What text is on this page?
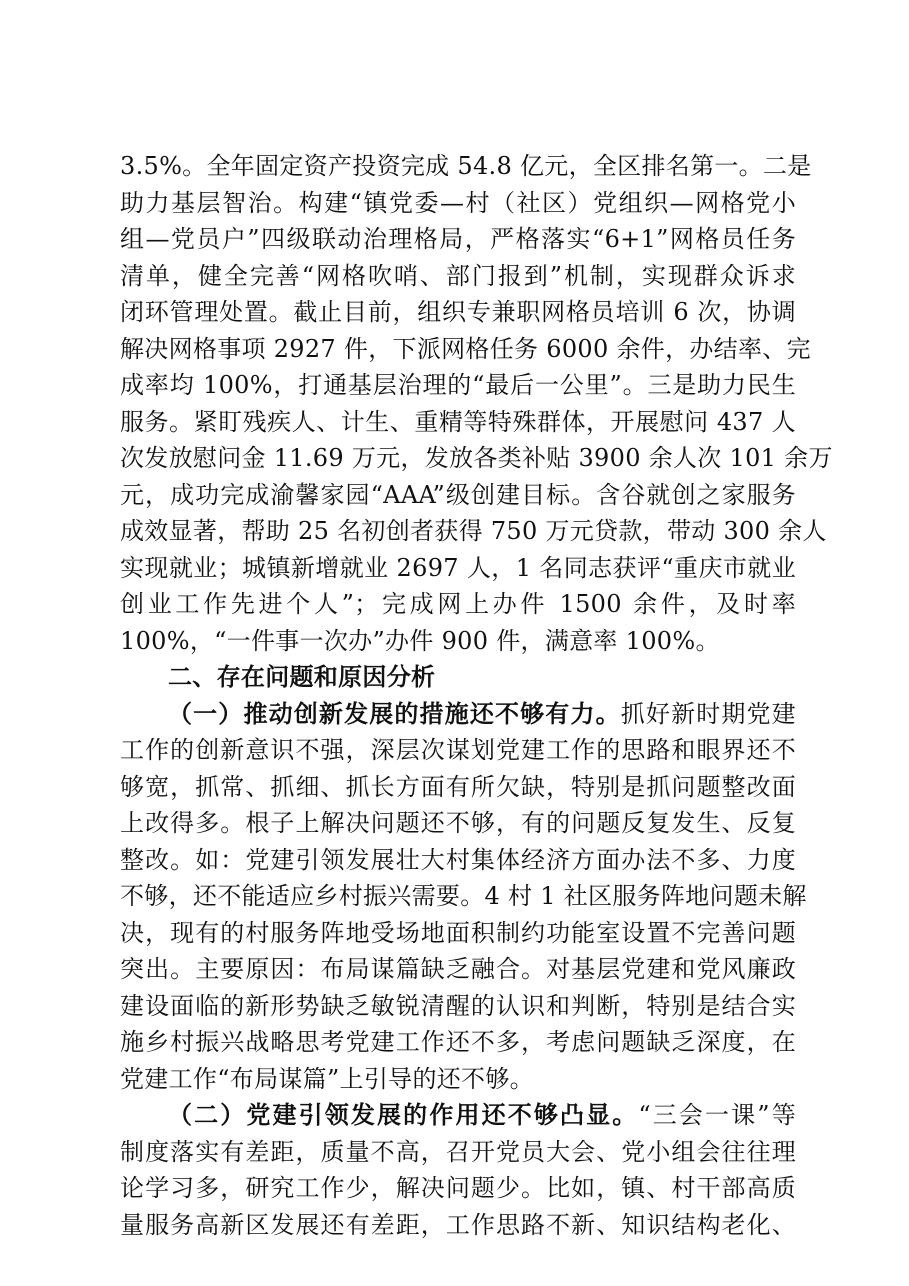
3.5%。全年固定资产投资完成 54.8 亿元，全区排名第一。二是
助力基层智治。构建“镇党委—村（社区）党组织—网格党小
组—党员户”四级联动治理格局，严格落实“6+1”网格员任务
清单，健全完善“网格吹哨、部门报到”机制，实现群众诉求
闭环管理处置。截止目前，组织专兼职网格员培训 6 次，协调
解决网格事项 2927 件，下派网格任务 6000 余件，办结率、完
成率均 100%，打通基层治理的“最后一公里”。三是助力民生
服务。紧盯残疾人、计生、重精等特殊群体，开展慰问 437 人
次发放慰问金 11.69 万元，发放各类补贴 3900 余人次 101 余万
元，成功完成渝馨家园“AAA”级创建目标。含谷就创之家服务
成效显著，帮助 25 名初创者获得 750 万元贷款，带动 300 余人
实现就业；城镇新增就业 2697 人，1 名同志获评“重庆市就业
创业工作先进个人”；完成网上办件 1500 余件，及时率
100%，“一件事一次办”办件 900 件，满意率 100%。
二、存在问题和原因分析
（一）推动创新发展的措施还不够有力。抓好新时期党建
工作的创新意识不强，深层次谋划党建工作的思路和眼界还不
够宽，抓常、抓细、抓长方面有所欠缺，特别是抓问题整改面
上改得多。根子上解决问题还不够，有的问题反复发生、反复
整改。如：党建引领发展壮大村集体经济方面办法不多、力度
不够，还不能适应乡村振兴需要。4 村 1 社区服务阵地问题未解
决，现有的村服务阵地受场地面积制约功能室设置不完善问题
突出。主要原因：布局谋篇缺乏融合。对基层党建和党风廉政
建设面临的新形势缺乏敏锐清醒的认识和判断，特别是结合实
施乡村振兴战略思考党建工作还不多，考虑问题缺乏深度，在
党建工作“布局谋篇”上引导的还不够。
（二）党建引领发展的作用还不够凸显。“三会一课”等
制度落实有差距，质量不高，召开党员大会、党小组会往往理
论学习多，研究工作少，解决问题少。比如，镇、村干部高质
量服务高新区发展还有差距，工作思路不新、知识结构老化、
